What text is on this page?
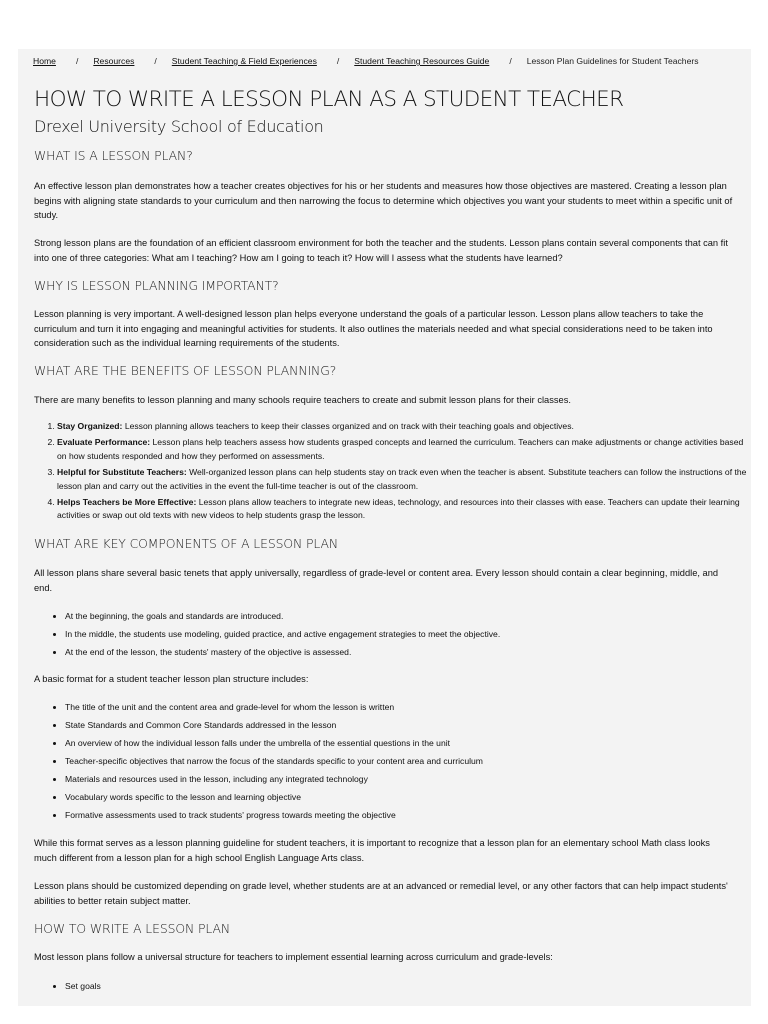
Home / Resources / Student Teaching & Field Experiences / Student Teaching Resources Guide / Lesson Plan Guidelines for Student Teachers
HOW TO WRITE A LESSON PLAN AS A STUDENT TEACHER
Drexel University School of Education
WHAT IS A LESSON PLAN?

An effective lesson plan demonstrates how a teacher creates objectives for his or her students and measures how those objectives are mastered. Creating a lesson plan begins with aligning state standards to your curriculum and then narrowing the focus to determine which objectives you want your students to meet within a specific unit of study.

Strong lesson plans are the foundation of an efficient classroom environment for both the teacher and the students. Lesson plans contain several components that can fit into one of three categories: What am I teaching? How am I going to teach it? How will I assess what the students have learned?

WHY IS LESSON PLANNING IMPORTANT?

Lesson planning is very important. A well-designed lesson plan helps everyone understand the goals of a particular lesson. Lesson plans allow teachers to take the curriculum and turn it into engaging and meaningful activities for students. It also outlines the materials needed and what special considerations need to be taken into consideration such as the individual learning requirements of the students.

WHAT ARE THE BENEFITS OF LESSON PLANNING?

There are many benefits to lesson planning and many schools require teachers to create and submit lesson plans for their classes.

1. Stay Organized: Lesson planning allows teachers to keep their classes organized and on track with their teaching goals and objectives.
2. Evaluate Performance: Lesson plans help teachers assess how students grasped concepts and learned the curriculum. Teachers can make adjustments or change activities based on how students responded and how they performed on assessments.
3. Helpful for Substitute Teachers: Well-organized lesson plans can help students stay on track even when the teacher is absent. Substitute teachers can follow the instructions of the lesson plan and carry out the activities in the event the full-time teacher is out of the classroom.
4. Helps Teachers be More Effective: Lesson plans allow teachers to integrate new ideas, technology, and resources into their classes with ease. Teachers can update their learning activities or swap out old texts with new videos to help students grasp the lesson.
WHAT ARE KEY COMPONENTS OF A LESSON PLAN

All lesson plans share several basic tenets that apply universally, regardless of grade-level or content area. Every lesson should contain a clear beginning, middle, and end.

• At the beginning, the goals and standards are introduced.
• In the middle, the students use modeling, guided practice, and active engagement strategies to meet the objective.
• At the end of the lesson, the students' mastery of the objective is assessed.

A basic format for a student teacher lesson plan structure includes:

• The title of the unit and the content area and grade-level for whom the lesson is written
• State Standards and Common Core Standards addressed in the lesson
• An overview of how the individual lesson falls under the umbrella of the essential questions in the unit
• Teacher-specific objectives that narrow the focus of the standards specific to your content area and curriculum
• Materials and resources used in the lesson, including any integrated technology
• Vocabulary words specific to the lesson and learning objective
• Formative assessments used to track students' progress towards meeting the objective

While this format serves as a lesson planning guideline for student teachers, it is important to recognize that a lesson plan for an elementary school Math class looks much different from a lesson plan for a high school English Language Arts class.

Lesson plans should be customized depending on grade level, whether students are at an advanced or remedial level, or any other factors that can help impact students' abilities to better retain subject matter.

HOW TO WRITE A LESSON PLAN

Most lesson plans follow a universal structure for teachers to implement essential learning across curriculum and grade-levels:

• Set goals
